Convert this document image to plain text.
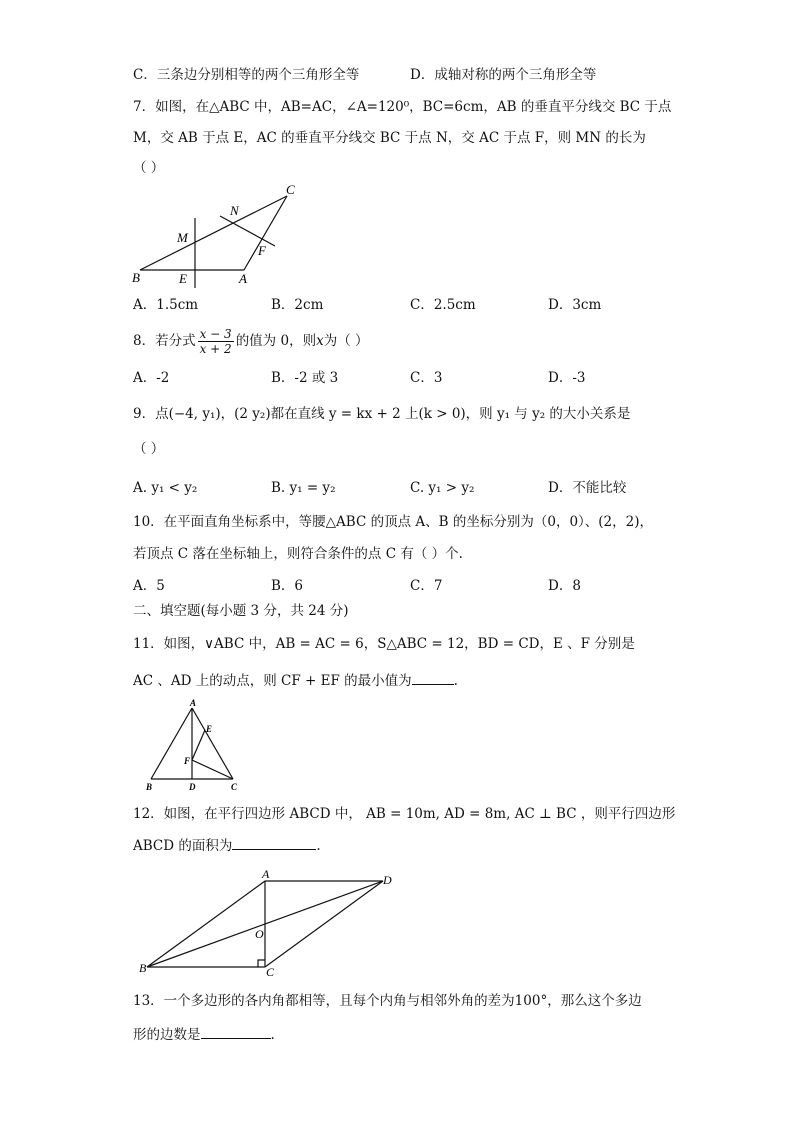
C．三条边分别相等的两个三角形全等	D．成轴对称的两个三角形全等
7．如图，在△ABC 中，AB=AC，∠A=120⁰，BC=6cm，AB 的垂直平分线交 BC 于点
M，交 AB 于点 E，AC 的垂直平分线交 BC 于点 N，交 AC 于点 F，则 MN 的长为
（ ）
C
N
M
F
B	E	A
A．1.5cm	B．2cm	C．2.5cm	D．3cm
8．若分式 $\frac{x - 3}{x + 2}$ 的值为 0，则x为（ ）
A．-2	B．-2 或 3	C．3	D．-3
9．点(−4, y₁)，(2 y₂)都在直线 y = kx + 2 上(k > 0)，则 y₁ 与 y₂ 的大小关系是
（ ）
A. y₁ < y₂	B. y₁ = y₂	C. y₁ > y₂	D．不能比较
10．在平面直角坐标系中，等腰△ABC 的顶点 A、B 的坐标分别为（0，0）、(2，2)，
若顶点 C 落在坐标轴上，则符合条件的点 C 有（ ）个.
A．5	B．6	C．7	D．8
二、填空题(每小题 3 分，共 24 分)
11．如图，∨ABC 中，AB = AC = 6，S△ABC = 12，BD = CD，E 、F 分别是
AC 、AD 上的动点，则 CF + EF 的最小值为	.
A
E
F
B	D	C
12．如图，在平行四边形 ABCD 中， AB = 10m, AD = 8m, AC ⊥ BC ，则平行四边形
ABCD 的面积为	.
A	D
O
B	C
13．一个多边形的各内角都相等，且每个内角与相邻外角的差为100°，那么这个多边
形的边数是	.
